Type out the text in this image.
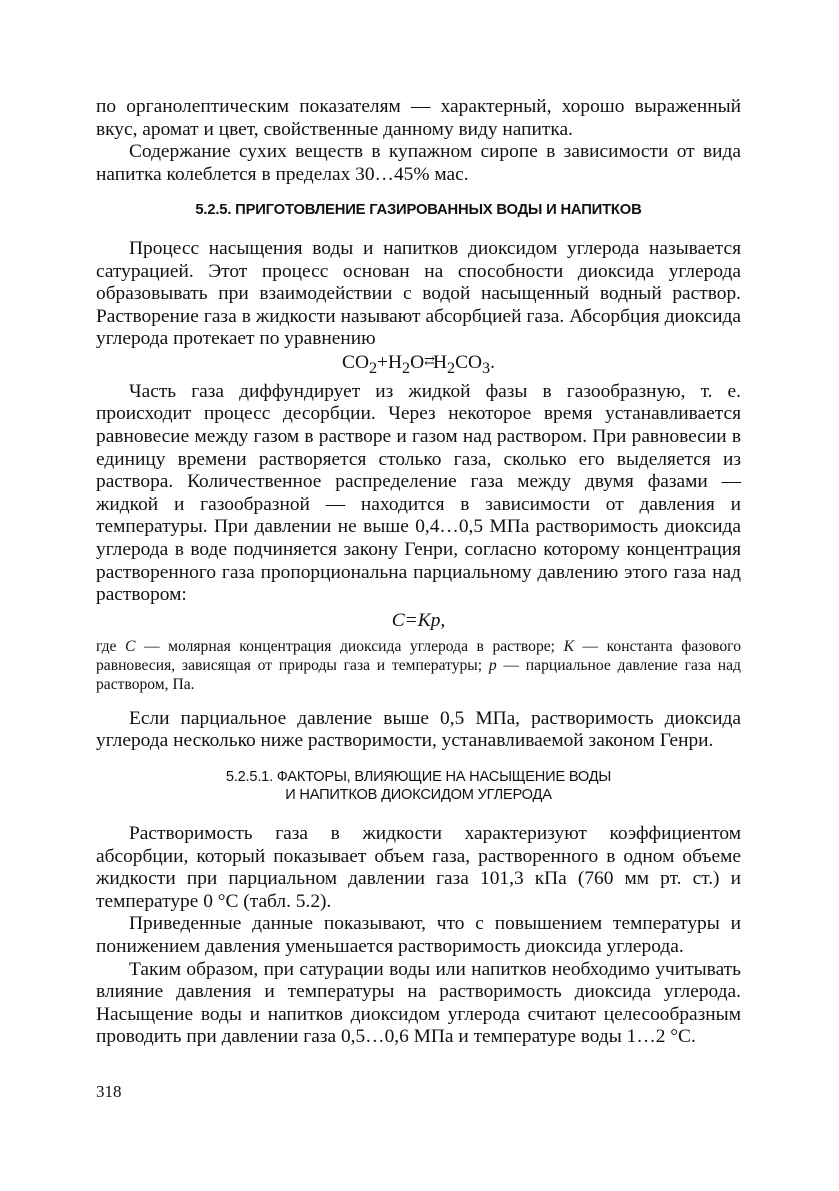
по органолептическим показателям — характерный, хорошо выраженный вкус, аромат и цвет, свойственные данному виду напитка.

Содержание сухих веществ в купажном сиропе в зависимости от вида напитка колеблется в пределах 30…45% мас.

5.2.5. ПРИГОТОВЛЕНИЕ ГАЗИРОВАННЫХ ВОДЫ И НАПИТКОВ

Процесс насыщения воды и напитков диоксидом углерода называется сатурацией. Этот процесс основан на способности диоксида углерода образовывать при взаимодействии с водой насыщенный водный раствор. Растворение газа в жидкости называют абсорбцией газа. Абсорбция диоксида углерода протекает по уравнению

$CO_2+H_2O⇄H_2CO_3$.

Часть газа диффундирует из жидкой фазы в газообразную, т. е. происходит процесс десорбции. Через некоторое время устанавливается равновесие между газом в растворе и газом над раствором. При равновесии в единицу времени растворяется столько газа, сколько его выделяется из раствора. Количественное распределение газа между двумя фазами — жидкой и газообразной — находится в зависимости от давления и температуры. При давлении не выше 0,4…0,5 МПа растворимость диоксида углерода в воде подчиняется закону Генри, согласно которому концентрация растворенного газа пропорциональна парциальному давлению этого газа над раствором:

C=Kp,

где C — молярная концентрация диоксида углерода в растворе; K — константа фазового равновесия, зависящая от природы газа и температуры; p — парциальное давление газа над раствором, Па.

Если парциальное давление выше 0,5 МПа, растворимость диоксида углерода несколько ниже растворимости, устанавливаемой законом Генри.

5.2.5.1. ФАКТОРЫ, ВЛИЯЮЩИЕ НА НАСЫЩЕНИЕ ВОДЫ

И НАПИТКОВ ДИОКСИДОМ УГЛЕРОДА

Растворимость газа в жидкости характеризуют коэффициентом абсорбции, который показывает объем газа, растворенного в одном объеме жидкости при парциальном давлении газа 101,3 кПа (760 мм рт. ст.) и температуре 0 °С (табл. 5.2).

Приведенные данные показывают, что с повышением температуры и понижением давления уменьшается растворимость диоксида углерода.

Таким образом, при сатурации воды или напитков необходимо учитывать влияние давления и температуры на растворимость диоксида углерода. Насыщение воды и напитков диоксидом углерода считают целесообразным проводить при давлении газа 0,5…0,6 МПа и температуре воды 1…2 °С.

318
